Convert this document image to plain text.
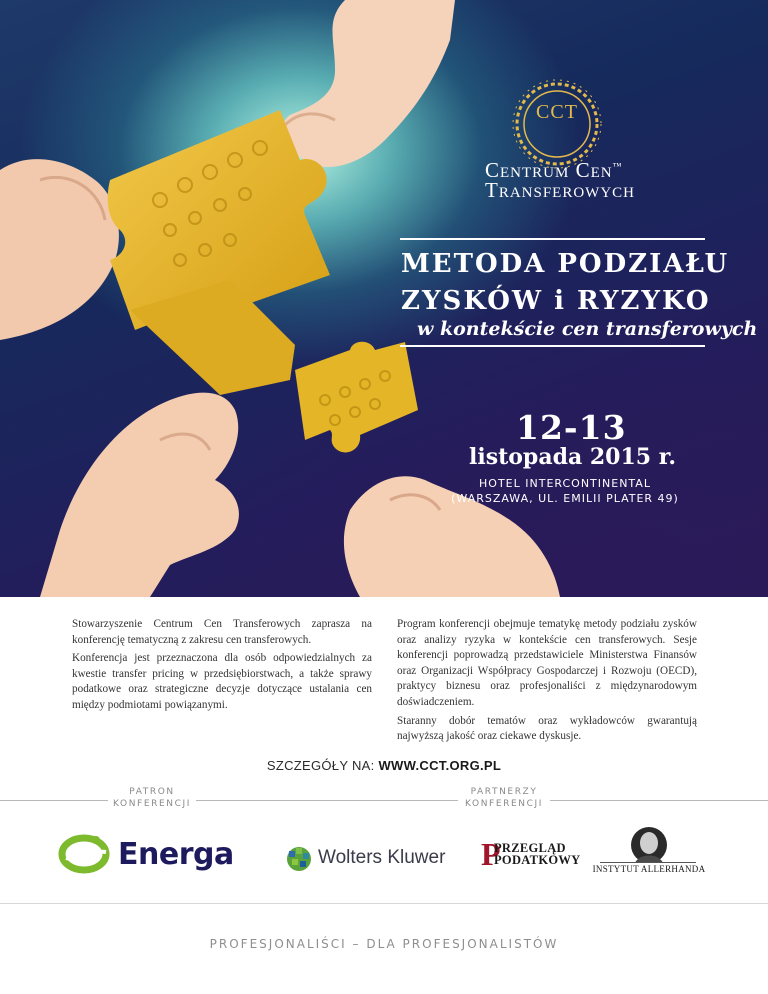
CCT
Centrum Cen™
Transferowych
METODA PODZIAŁU
ZYSKÓW i RYZYKO
w kontekście cen transferowych
12-13
listopada 2015 r.
HOTEL INTERCONTINENTAL
(WARSZAWA, UL. EMILII PLATER 49)

Stowarzyszenie Centrum Cen Transferowych zaprasza na konferencję tematyczną z zakresu cen transferowych.

Konferencja jest przeznaczona dla osób odpowiedzialnych za kwestie transfer pricing w przedsiębiorstwach, a także sprawy podatkowe oraz strategiczne decyzje dotyczące ustalania cen między podmiotami powiązanymi.

Program konferencji obejmuje tematykę metody podziału zysków oraz analizy ryzyka w kontekście cen transferowych. Sesje konferencji poprowadzą przedstawiciele Ministerstwa Finansów oraz Organizacji Współpracy Gospodarczej i Rozwoju (OECD), praktycy biznesu oraz profesjonaliści z międzynarodowym doświadczeniem.

Staranny dobór tematów oraz wykładowców gwarantują najwyższą jakość oraz ciekawe dyskusje.

SZCZEGÓŁY NA: WWW.CCT.ORG.PL
PATRON
KONFERENCJI
PARTNERZY
KONFERENCJI
Energa	Wolters Kluwer P
PRZEGLĄD
PODATKOWY
INSTYTUT ALLERHANDA
PROFESJONALIŚCI – DLA PROFESJONALISTÓW
